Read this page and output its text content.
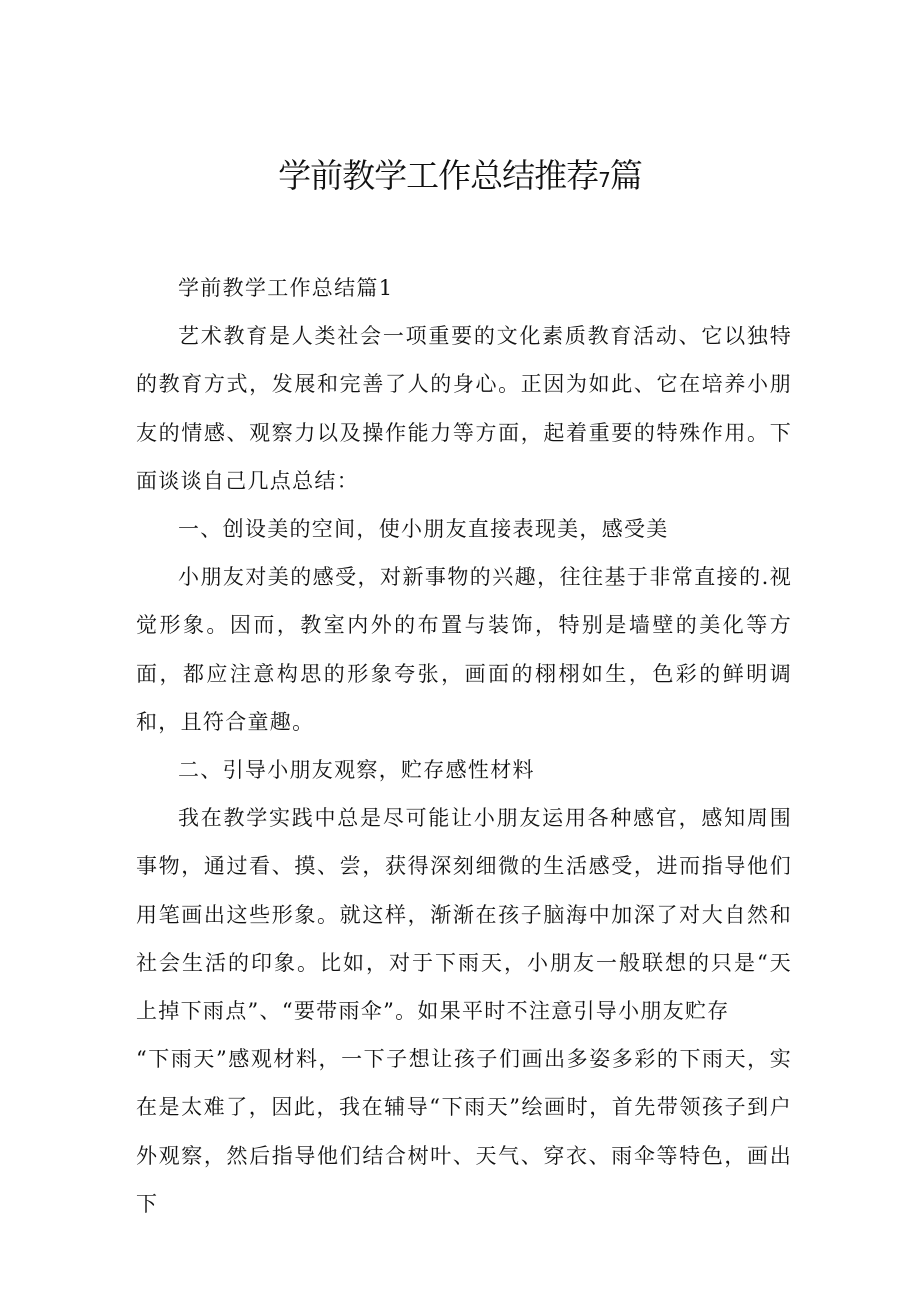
学前教学工作总结推荐7篇

学前教学工作总结篇1

艺术教育是人类社会一项重要的文化素质教育活动、它以独特的教育方式，发展和完善了人的身心。正因为如此、它在培养小朋友的情感、观察力以及操作能力等方面，起着重要的特殊作用。下面谈谈自己几点总结：

一、创设美的空间，使小朋友直接表现美，感受美

小朋友对美的感受，对新事物的兴趣，往往基于非常直接的.视觉形象。因而，教室内外的布置与装饰，特别是墙壁的美化等方面，都应注意构思的形象夸张，画面的栩栩如生，色彩的鲜明调和，且符合童趣。

二、引导小朋友观察，贮存感性材料

我在教学实践中总是尽可能让小朋友运用各种感官，感知周围事物，通过看、摸、尝，获得深刻细微的生活感受，进而指导他们用笔画出这些形象。就这样，渐渐在孩子脑海中加深了对大自然和社会生活的印象。比如，对于下雨天，小朋友一般联想的只是“天上掉下雨点”、“要带雨伞”。如果平时不注意引导小朋友贮存

“下雨天”感观材料，一下子想让孩子们画出多姿多彩的下雨天，实在是太难了，因此，我在辅导“下雨天”绘画时，首先带领孩子到户外观察，然后指导他们结合树叶、天气、穿衣、雨伞等特色，画出下
